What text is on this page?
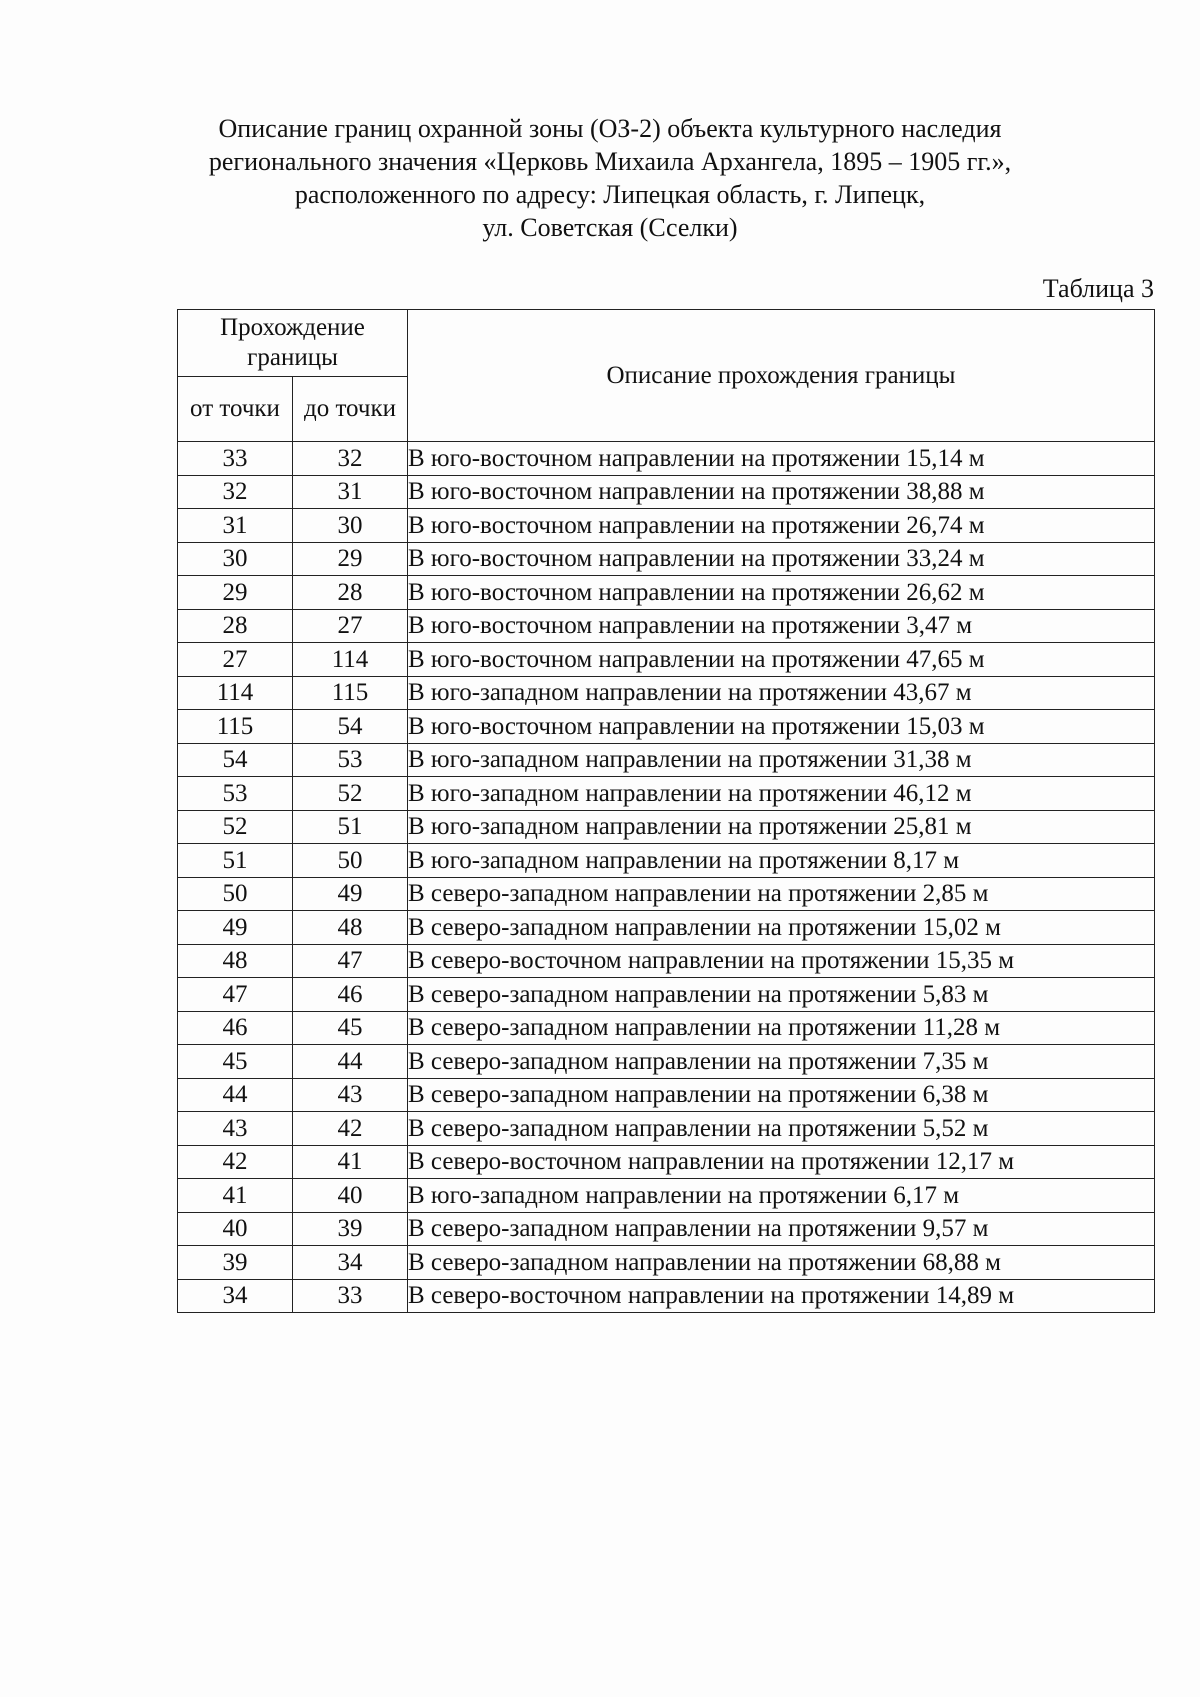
Описание границ охранной зоны (ОЗ-2) объекта культурного наследия
регионального значения «Церковь Михаила Архангела, 1895 – 1905 гг.»,
расположенного по адресу: Липецкая область, г. Липецк,
ул. Советская (Сселки)
Таблица 3
Прохождение границы		Описание прохождения границы
от точки	до точки	
33	32	В юго-восточном направлении на протяжении 15,14 м
32	31	В юго-восточном направлении на протяжении 38,88 м
31	30	В юго-восточном направлении на протяжении 26,74 м
30	29	В юго-восточном направлении на протяжении 33,24 м
29	28	В юго-восточном направлении на протяжении 26,62 м
28	27	В юго-восточном направлении на протяжении 3,47 м
27	114	В юго-восточном направлении на протяжении 47,65 м
114	115	В юго-западном направлении на протяжении 43,67 м
115	54	В юго-восточном направлении на протяжении 15,03 м
54	53	В юго-западном направлении на протяжении 31,38 м
53	52	В юго-западном направлении на протяжении 46,12 м
52	51	В юго-западном направлении на протяжении 25,81 м
51	50	В юго-западном направлении на протяжении 8,17 м
50	49	В северо-западном направлении на протяжении 2,85 м
49	48	В северо-западном направлении на протяжении 15,02 м
48	47	В северо-восточном направлении на протяжении 15,35 м
47	46	В северо-западном направлении на протяжении 5,83 м
46	45	В северо-западном направлении на протяжении 11,28 м
45	44	В северо-западном направлении на протяжении 7,35 м
44	43	В северо-западном направлении на протяжении 6,38 м
43	42	В северо-западном направлении на протяжении 5,52 м
42	41	В северо-восточном направлении на протяжении 12,17 м
41	40	В юго-западном направлении на протяжении 6,17 м
40	39	В северо-западном направлении на протяжении 9,57 м
39	34	В северо-западном направлении на протяжении 68,88 м
34	33	В северо-восточном направлении на протяжении 14,89 м
